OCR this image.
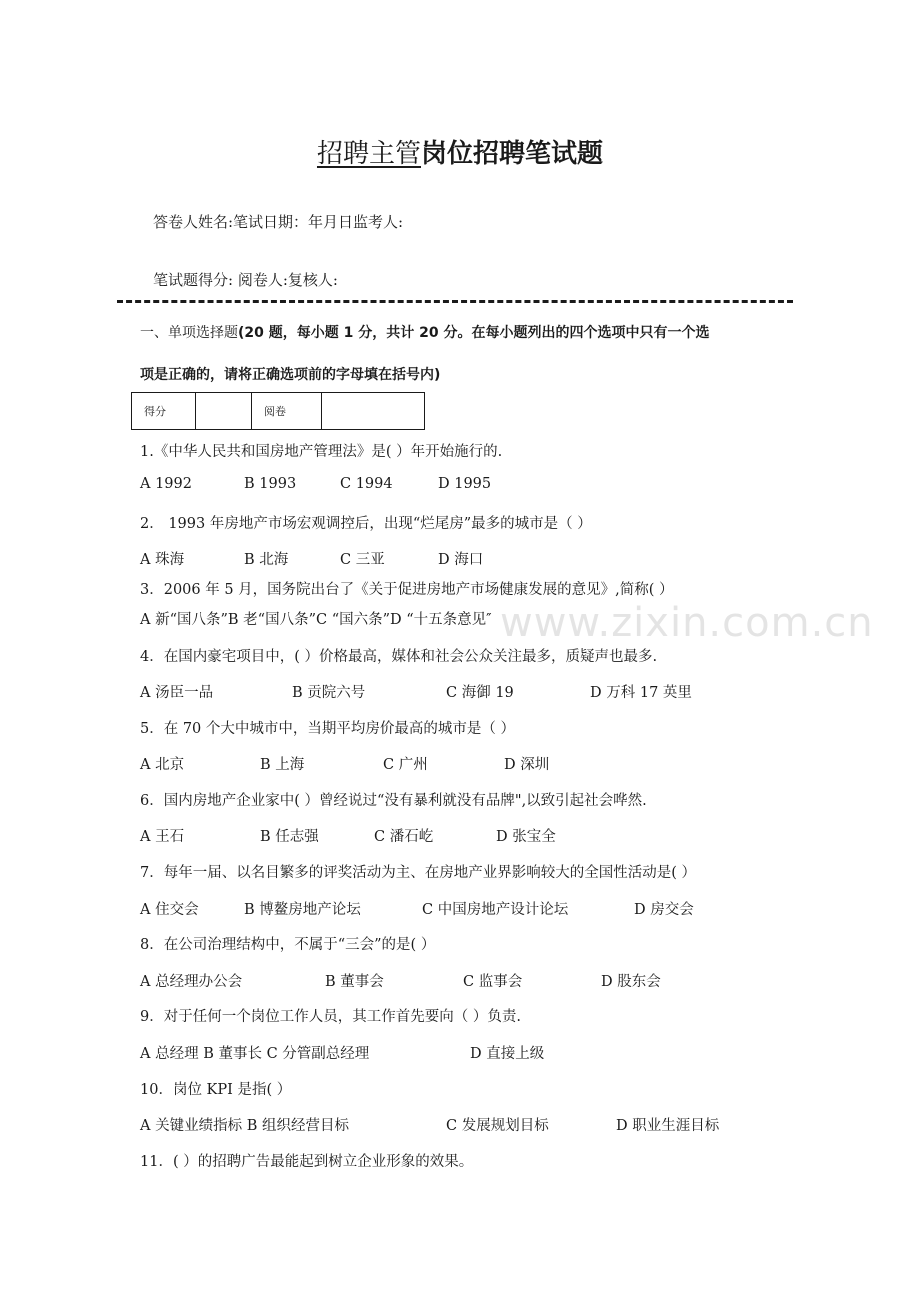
www.zixin.com.cn
招聘主管岗位招聘笔试题
答卷人姓名:笔试日期：年月日监考人:
笔试题得分: 阅卷人:复核人:
一、单项选择题(20 题，每小题 1 分，共计 20 分。在每小题列出的四个选项中只有一个选
项是正确的，请将正确选项前的字母填在括号内)
得分		阅卷	
1.《中华人民共和国房地产管理法》是( ）年开始施行的.
A 1992	B 1993	C 1994	D 1995
2． 1993 年房地产市场宏观调控后，出现“烂尾房”最多的城市是（ ）
A 珠海	B 北海	C 三亚	D 海口
3．2006 年 5 月，国务院出台了《关于促进房地产市场健康发展的意见》,简称( ）
A 新“国八条”B 老“国八条”C “国六条”D “十五条意见″
4．在国内豪宅项目中，( ）价格最高，媒体和社会公众关注最多，质疑声也最多.
A 汤臣一品	B 贡院六号	C 海御 19	D 万科 17 英里
5．在 70 个大中城市中，当期平均房价最高的城市是（ ）
A 北京	B 上海	C 广州	D 深圳
6．国内房地产企业家中( ）曾经说过“没有暴利就没有品牌",以致引起社会哗然.
A 王石	B 任志强	C 潘石屹	D 张宝全
7．每年一届、以名目繁多的评奖活动为主、在房地产业界影响较大的全国性活动是( ）
A 住交会	B 博鳌房地产论坛	C 中国房地产设计论坛	D 房交会
8．在公司治理结构中，不属于“三会”的是( ）
A 总经理办公会	B 董事会	C 监事会	D 股东会
9．对于任何一个岗位工作人员，其工作首先要向（ ）负责.
A 总经理 B 董事长 C 分管副总经理	D 直接上级
10．岗位 KPI 是指( ）
A 关键业绩指标 B 组织经营目标	C 发展规划目标	D 职业生涯目标
11．( ）的招聘广告最能起到树立企业形象的效果。
